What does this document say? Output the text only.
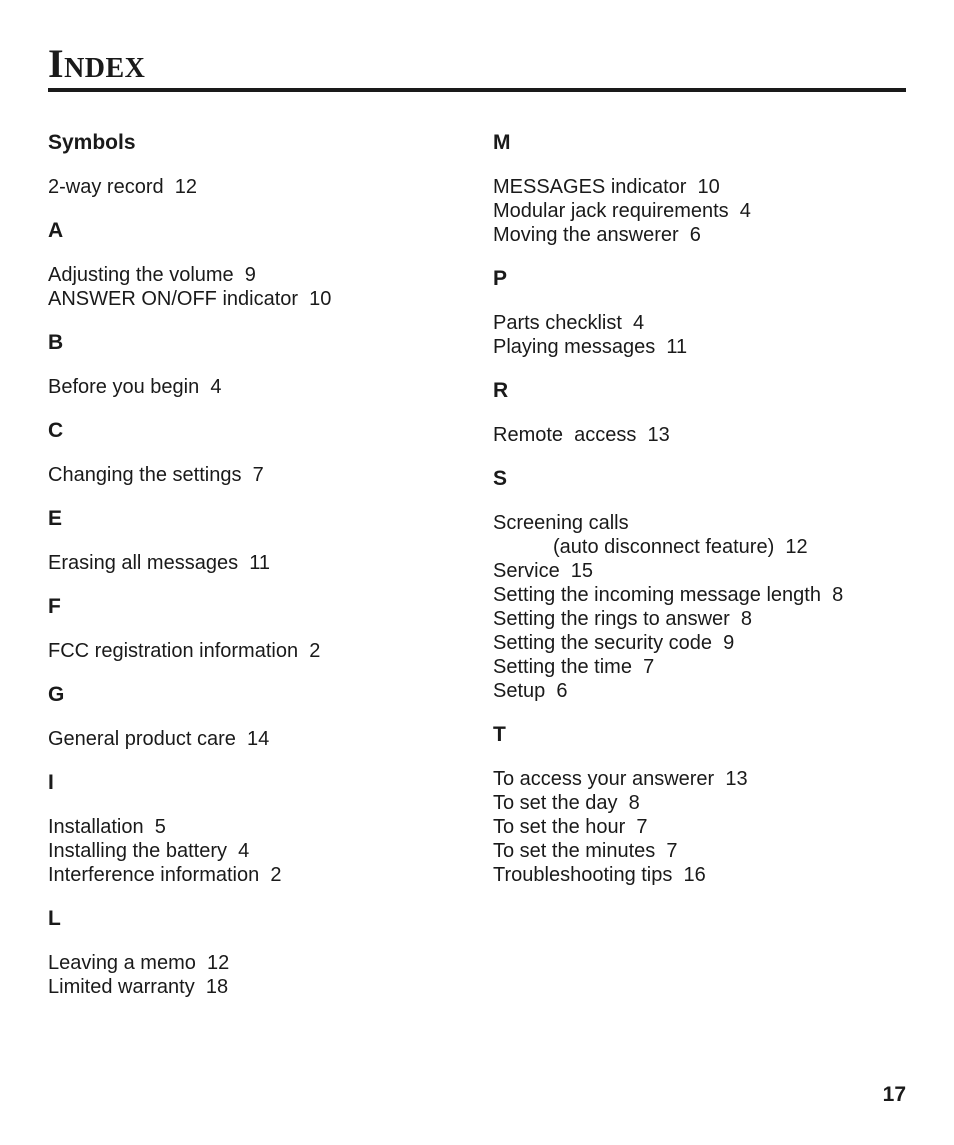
Index
Symbols
2-way record  12
A
Adjusting the volume  9
ANSWER ON/OFF indicator  10
B
Before you begin  4
C
Changing the settings  7
E
Erasing all messages  11
F
FCC registration information  2
G
General product care  14
I
Installation  5
Installing the battery  4
Interference information  2
L
Leaving a memo  12
Limited warranty  18
M
MESSAGES indicator  10
Modular jack requirements  4
Moving the answerer  6
P
Parts checklist  4
Playing messages  11
R
Remote  access  13
S
Screening calls
(auto disconnect feature)  12
Service  15
Setting the incoming message length  8
Setting the rings to answer  8
Setting the security code  9
Setting the time  7
Setup  6
T
To access your answerer  13
To set the day  8
To set the hour  7
To set the minutes  7
Troubleshooting tips  16
17
